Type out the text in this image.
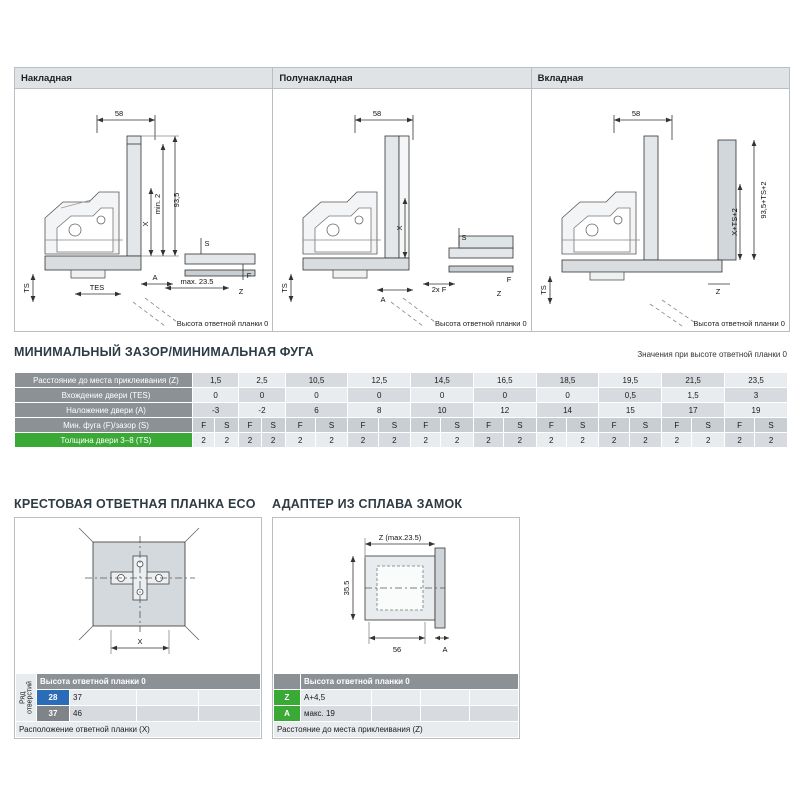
Накладная
58
93,5
min. 2
X
TS
A
TES
max. 23.5
S
F
Z
Высота ответной планки 0
Полунакладная
58
X
TS
A
2x F
S
F
Z
Высота ответной планки 0
Вкладная
58
93,5+TS+2
X+TS+2
TS	Z
Высота ответной планки 0
МИНИМАЛЬНЫЙ ЗАЗОР/МИНИМАЛЬНАЯ ФУГА	Значения при высоте ответной планки 0
Расстояние до места приклеивания (Z)	1,5		2,5		10,5		12,5		14,5		16,5		18,5		19,5		21,5		23,5	
Вхождение двери (TES)	0		0		0		0		0		0		0		0,5		1,5		3	
Наложение двери (A)	-3		-2		6		8		10		12		14		15		17		19	
Мин. фуга (F)/зазор (S)	F	S	F	S	F	S	F	S	F	S	F	S	F	S	F	S	F	S	F	S
Толщина двери 3–8 (TS)	2	2	2	2	2	2	2	2	2	2	2	2	2	2	2	2	2	2	2	2
КРЕСТОВАЯ ОТВЕТНАЯ ПЛАНКА ECO АДАПТЕР ИЗ СПЛАВА ЗАМОК
X
Ряд отверстий	Высота ответной планки 0			
	28	37		
	37	46		
Расположение ответной планки (X)				
Z (max.23.5)
35.5
56	A
	Высота ответной планки 0			
Z	A+4,5			
A	макс. 19			
Расстояние до места приклеивания (Z)				
